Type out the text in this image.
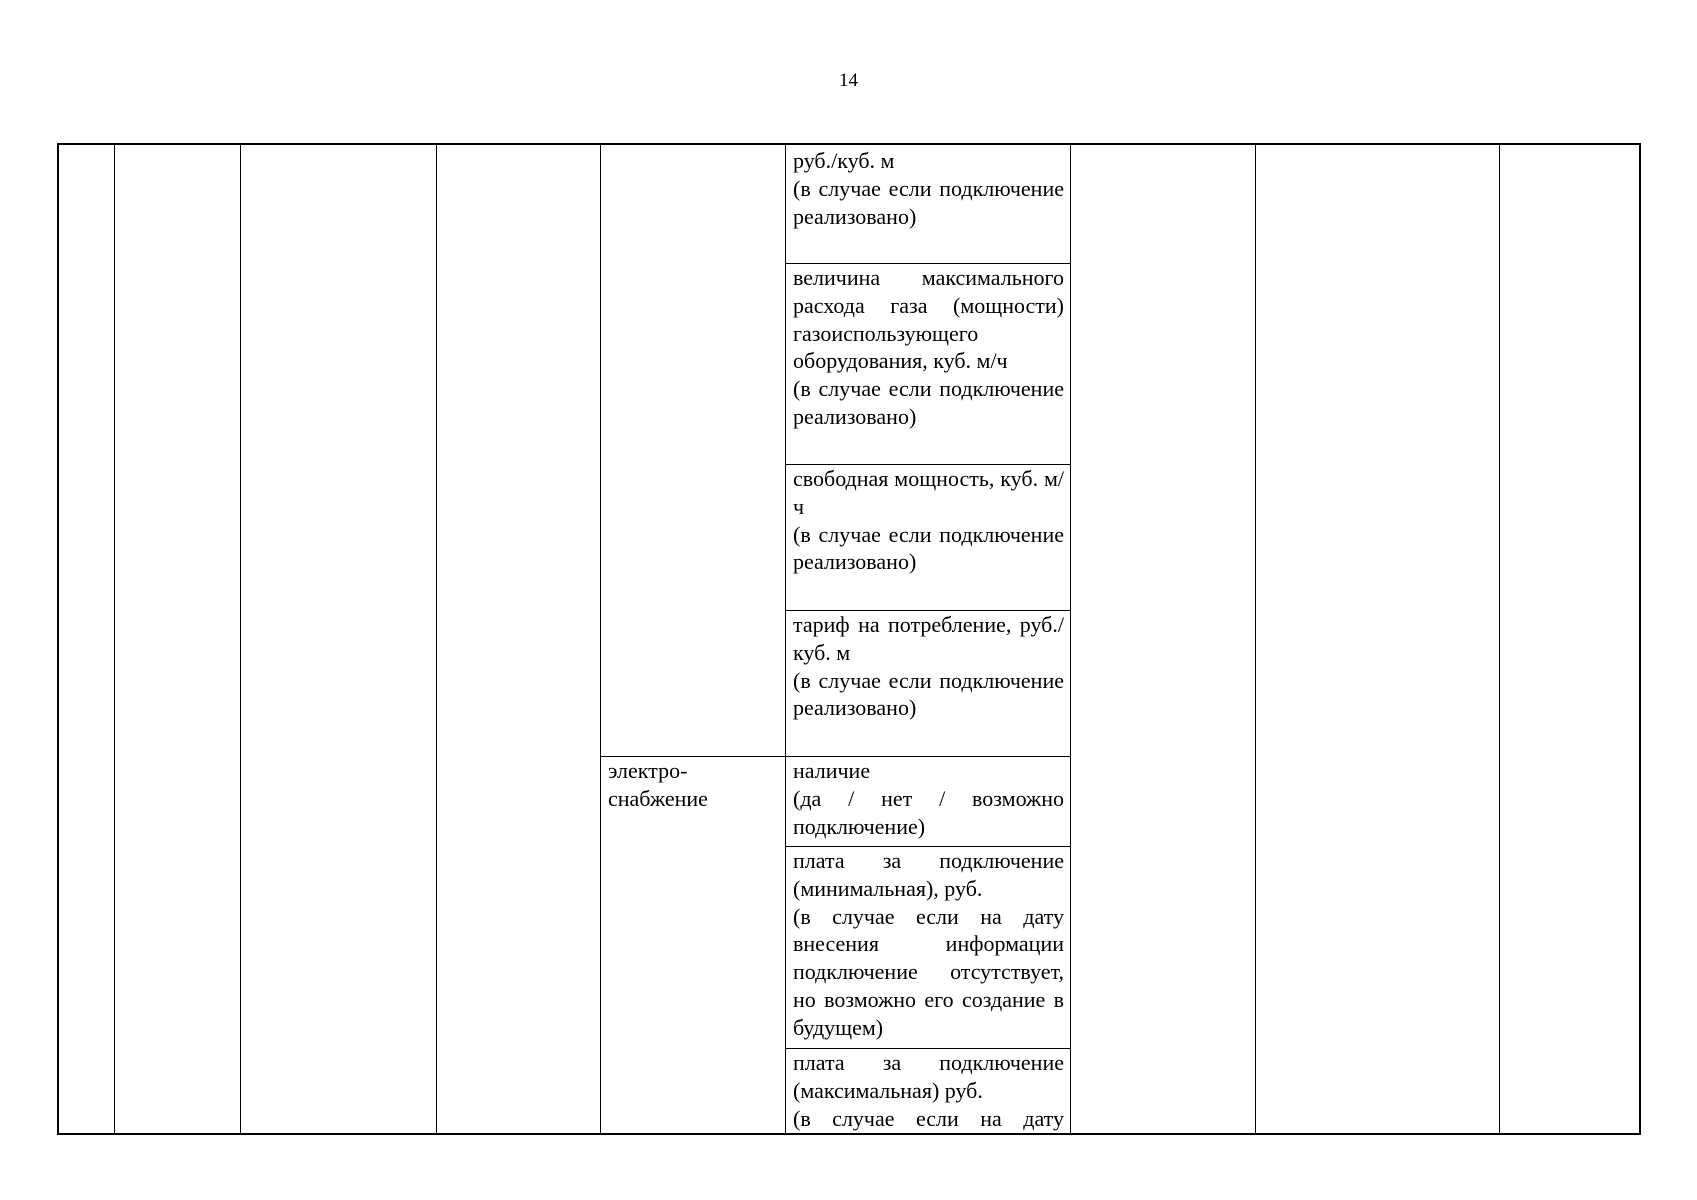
14

руб./куб. м

(в случае если подключение реализовано)

величина максимального расхода газа (мощности) газоиспользующего оборудования, куб. м/ч

(в случае если подключение реализовано)

свободная мощность, куб. м/ч

(в случае если подключение реализовано)

тариф на потребление, руб./куб. м

(в случае если подключение реализовано)

электро-снабжение

наличие

(да / нет / возможно подключение)

плата за подключение (минимальная), руб.

(в случае если на дату внесения информации подключение отсутствует, но возможно его создание в будущем)

плата за подключение (максимальная) руб.

(в случае если на дату
